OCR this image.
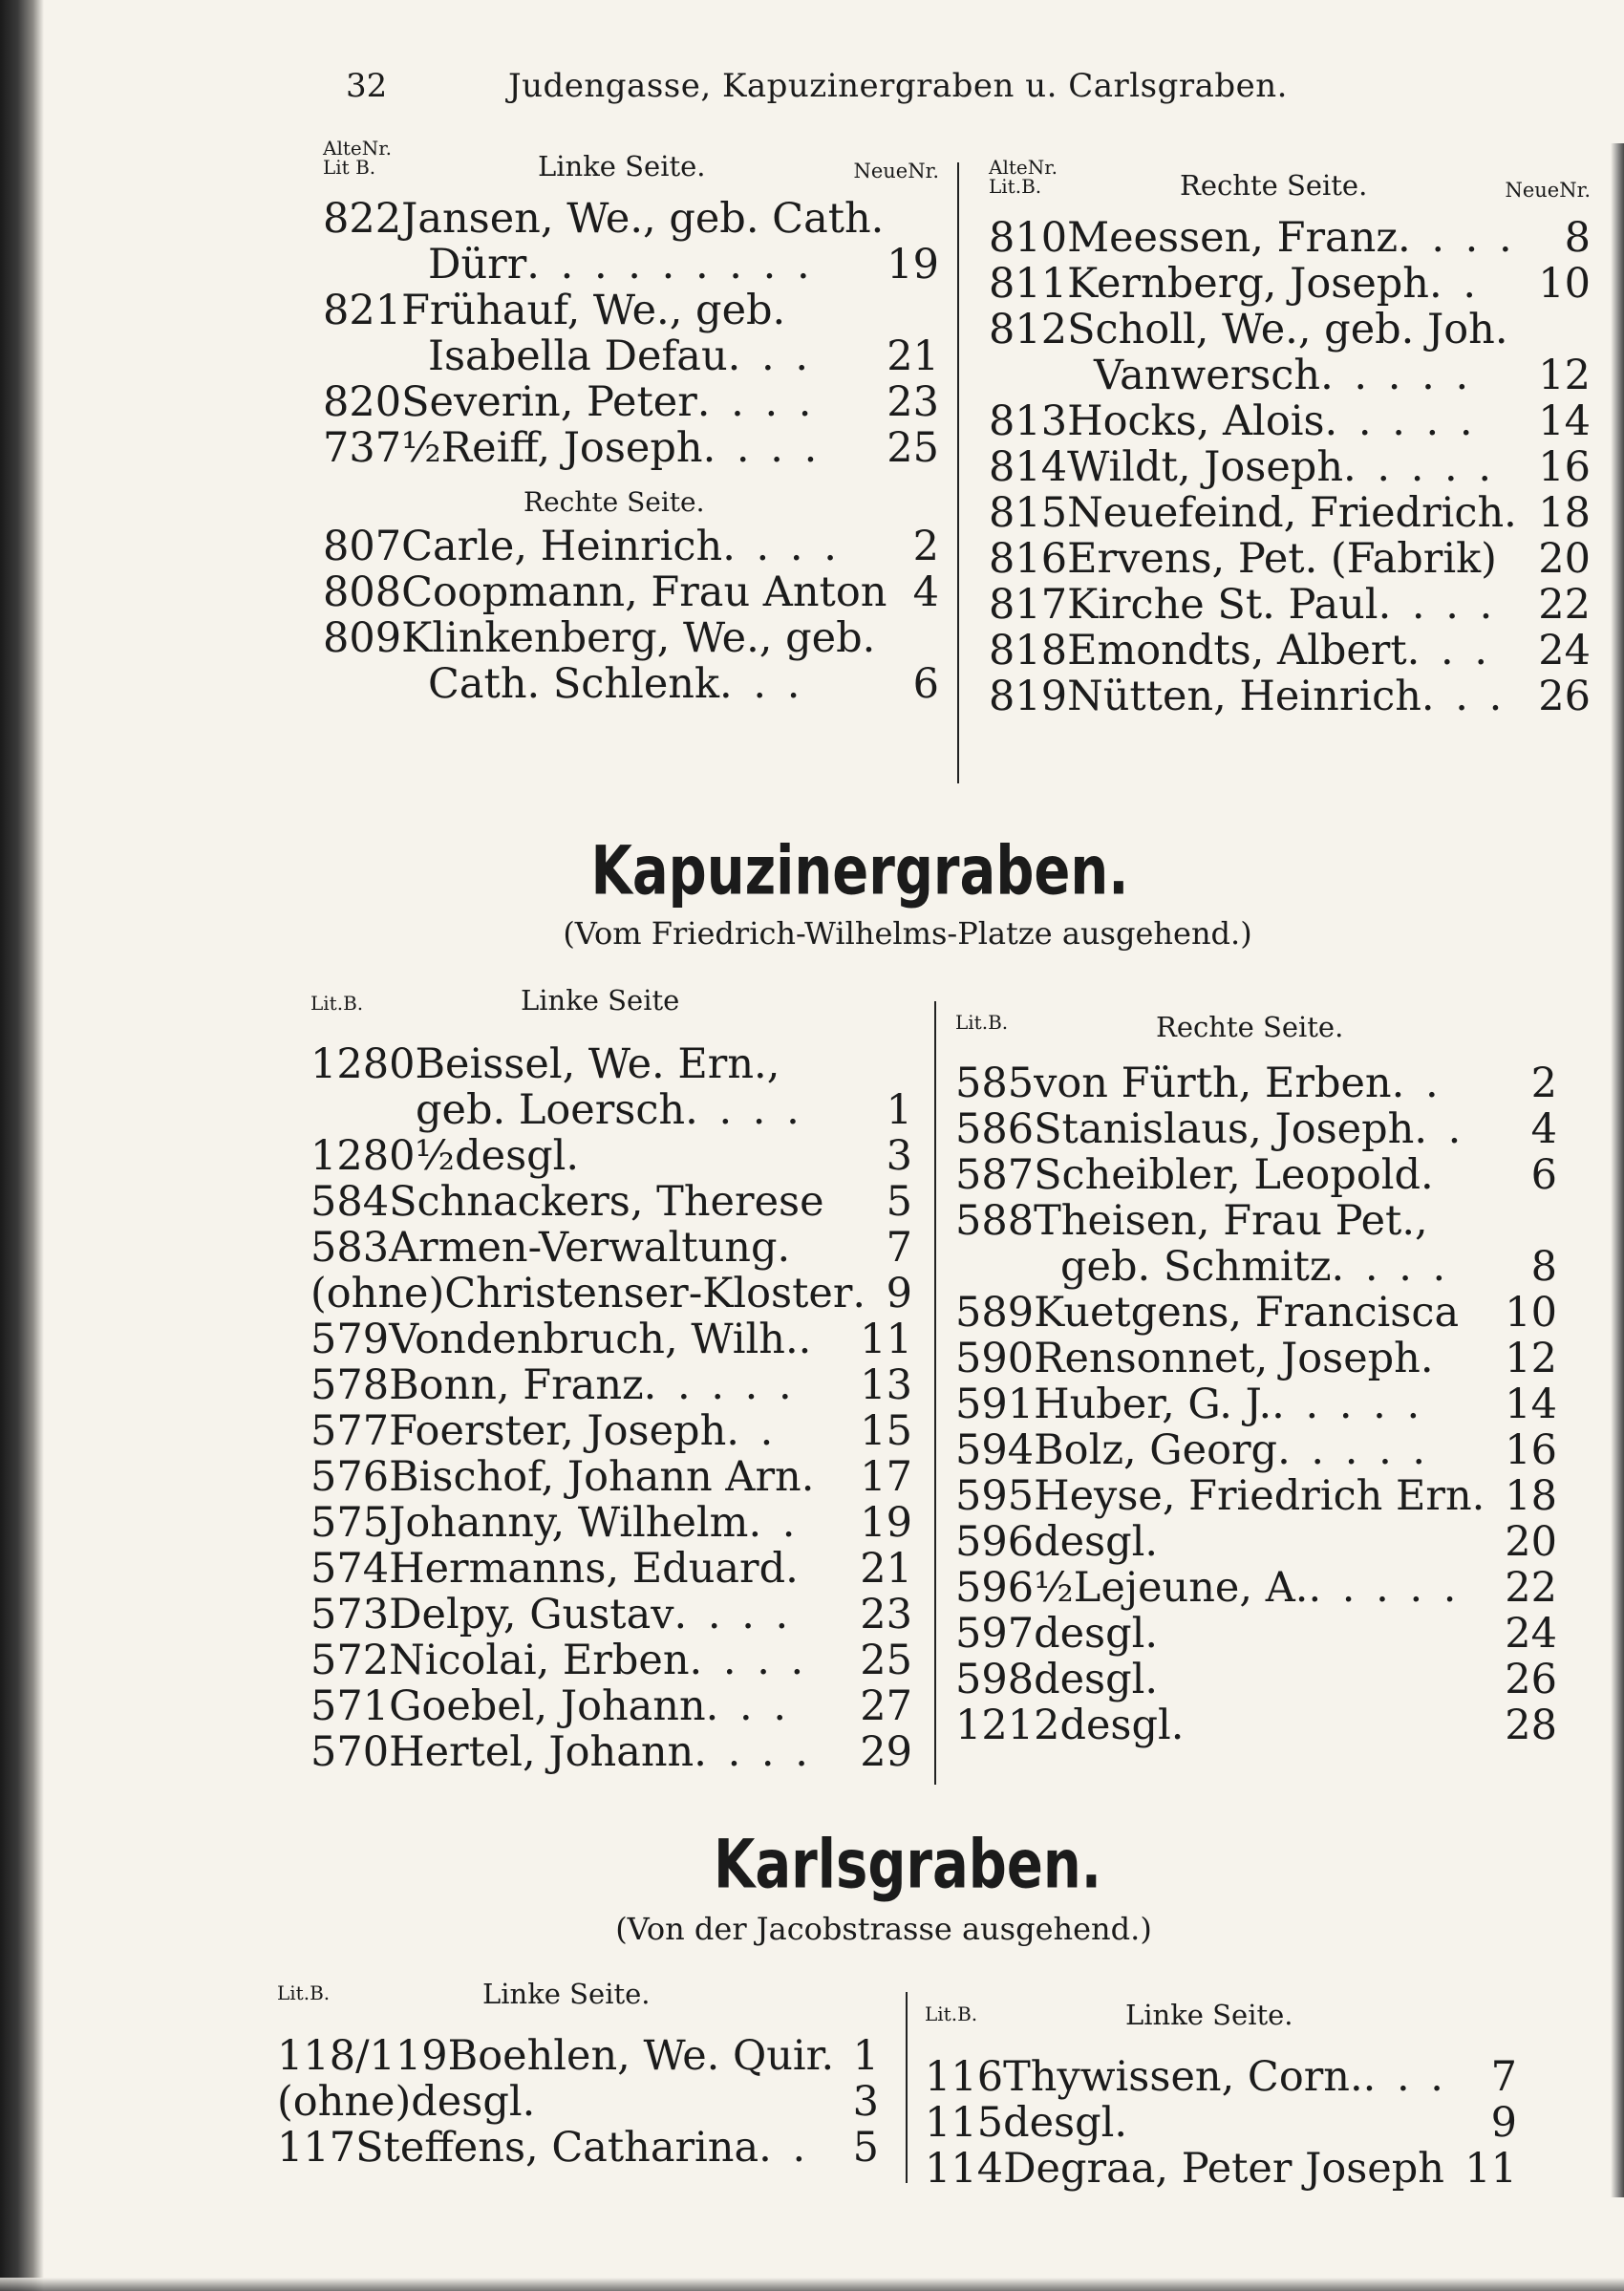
32	Judengasse, Kapuzinergraben u. Carlsgraben.
AlteNr.
Lit B.	Linke Seite.	NeueNr.
822Jansen, We., geb. Cath.
Dürr. . . . . . . . . 19
821Frühauf, We., geb.
Isabella Defau. . . 21
820Severin, Peter. . . . 23
737½Reiff, Joseph. . . . 25
Rechte Seite.
807Carle, Heinrich. . . . 2
808Coopmann, Frau Anton 4
809Klinkenberg, We., geb.
Cath. Schlenk. . .	6
AlteNr.
Lit.B.	Rechte Seite.	NeueNr.
810Meessen, Franz. . . . 8
811Kernberg, Joseph. . 10
812Scholl, We., geb. Joh.
Vanwersch. . . . . 12
813Hocks, Alois. . . . . 14
814Wildt, Joseph. . . . . 16
815Neuefeind, Friedrich. 18
816Ervens, Pet. (Fabrik) 20
817Kirche St. Paul. . . . 22
818Emondts, Albert. . . 24
819Nütten, Heinrich. . . 26
Kapuzinergraben.
(Vom Friedrich-Wilhelms-Platze ausgehend.)
Lit.B.	Linke Seite
1280Beissel, We. Ern.,
geb. Loersch. . . . 1
1280½desgl.	3
584Schnackers, Therese 5
583Armen-Verwaltung. 7
(ohne)Christenser-Kloster. 9
579Vondenbruch, Wilh.. 11
578Bonn, Franz. . . . . 13
577Foerster, Joseph. . 15
576Bischof, Johann Arn. 17
575Johanny, Wilhelm. . 19
574Hermanns, Eduard. 21
573Delpy, Gustav. . . . 23
572Nicolai, Erben. . . . 25
571Goebel, Johann. . . 27
570Hertel, Johann. . . . 29
Lit.B.	Rechte Seite.
585von Fürth, Erben. . 2
586Stanislaus, Joseph. . 4
587Scheibler, Leopold. 6
588Theisen, Frau Pet.,
geb. Schmitz. . . . 8
589Kuetgens, Francisca 10
590Rensonnet, Joseph. 12
591Huber, G. J.. . . . . 14
594Bolz, Georg. . . . . 16
595Heyse, Friedrich Ern. 18
596desgl.	20
596½Lejeune, A.. . . . . 22
597desgl.	24
598desgl.	26
1212desgl.	28
Karlsgraben.
(Von der Jacobstrasse ausgehend.)
Lit.B.	Linke Seite.
118/119Boehlen, We. Quir. 1
(ohne)desgl.	3
117Steffens, Catharina. . 5
Lit.B.	Linke Seite.
116Thywissen, Corn.. . . 7
115desgl.	9
114Degraa, Peter Joseph 11
